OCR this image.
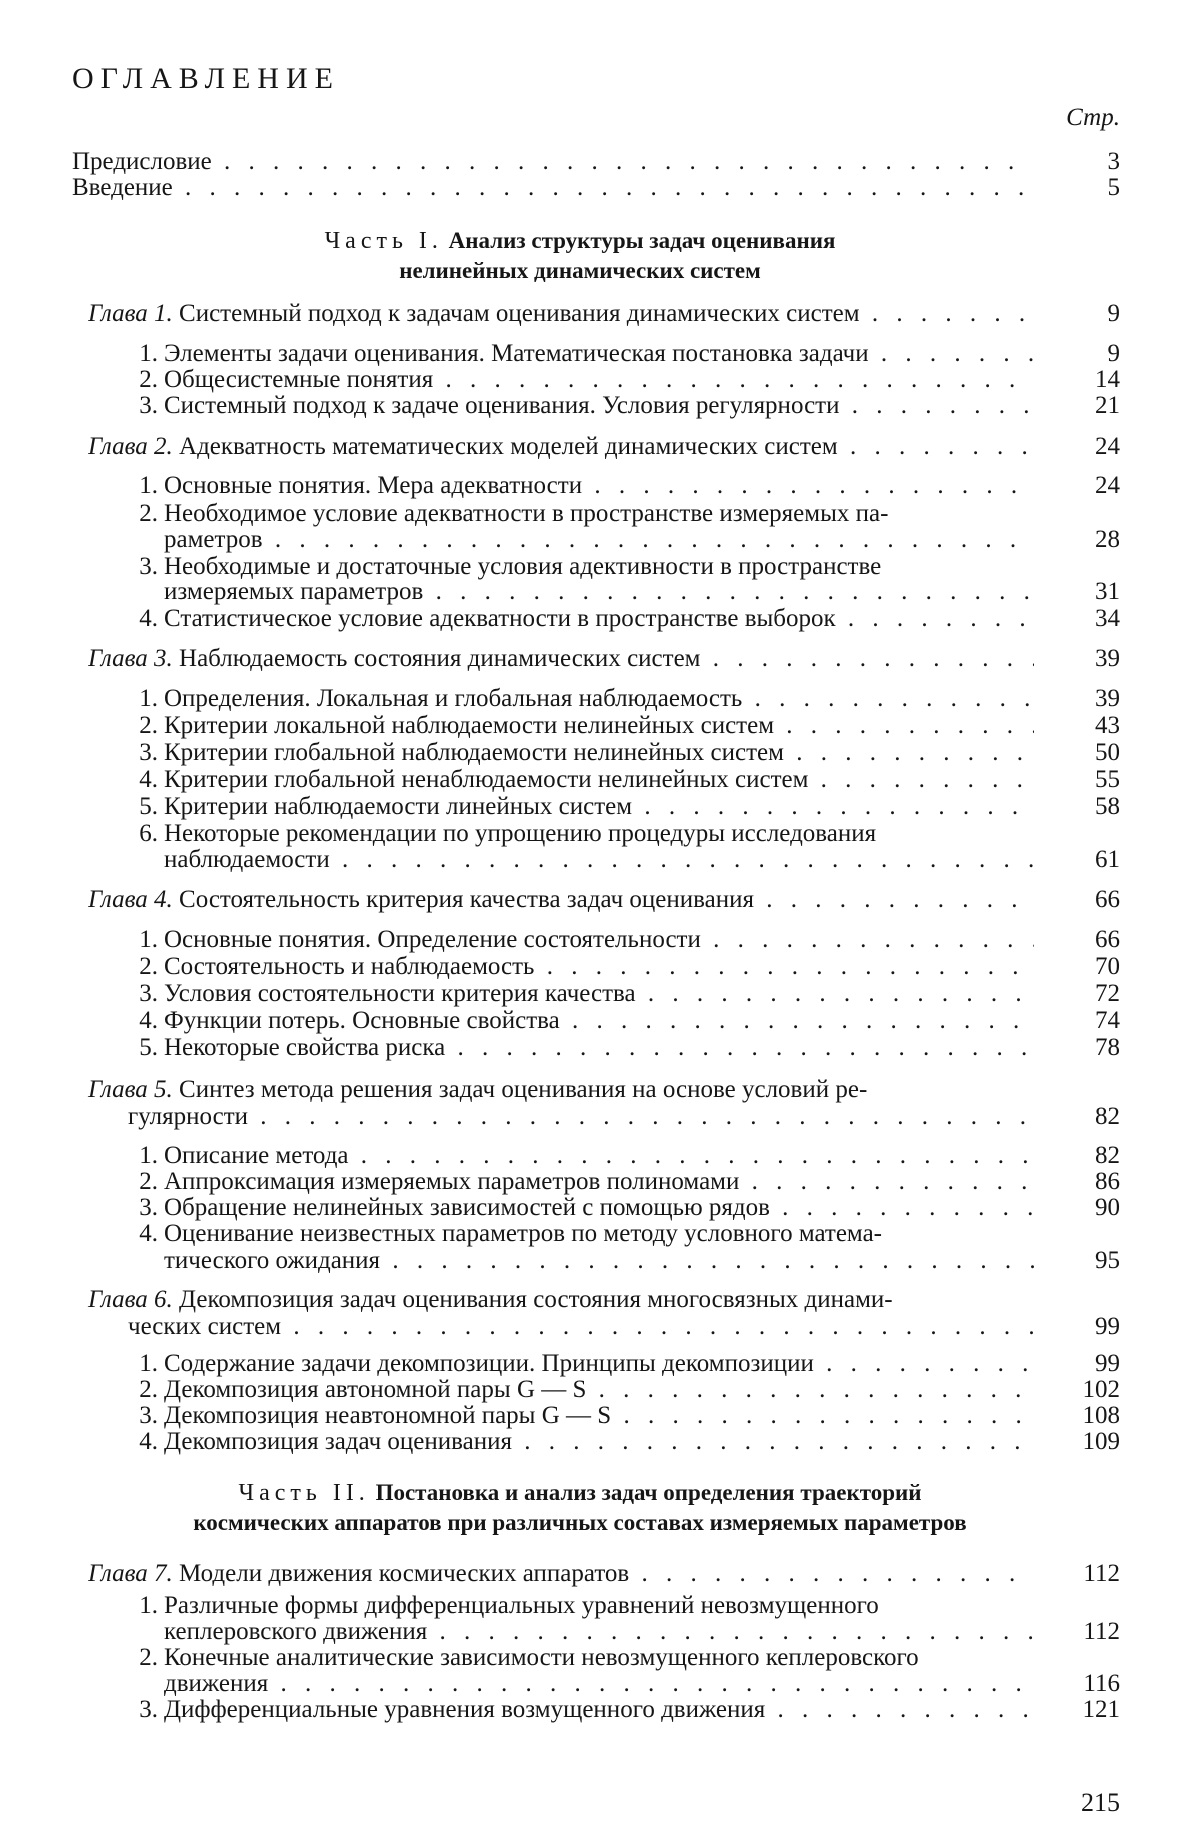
ОГЛАВЛЕНИЕ
Стр.
Предисловие . . .	3
Введение . . .	5
Часть I. Анализ структуры задач оценивания
нелинейных динамических систем
Глава 1. Системный подход к задачам оценивания динамических систем . . .	9
1. Элементы задачи оценивания. Математическая постановка задачи . . .	9
2. Общесистемные понятия . . .	14
3. Системный подход к задаче оценивания. Условия регулярности . . .	21
Глава 2. Адекватность математических моделей динамических систем . . .	24
1. Основные понятия. Мера адекватности . . .	24
2. Необходимое условие адекватности в пространстве измеряемых па-
раметров . . .	28
3. Необходимые и достаточные условия адективности в пространстве
измеряемых параметров . . .	31
4. Статистическое условие адекватности в пространстве выборок . . .	34
Глава 3. Наблюдаемость состояния динамических систем . . .	39
1. Определения. Локальная и глобальная наблюдаемость . . .	39
2. Критерии локальной наблюдаемости нелинейных систем . . .	43
3. Критерии глобальной наблюдаемости нелинейных систем . . .	50
4. Критерии глобальной ненаблюдаемости нелинейных систем . . .	55
5. Критерии наблюдаемости линейных систем . . .	58
6. Некоторые рекомендации по упрощению процедуры исследования
наблюдаемости . . .	61
Глава 4. Состоятельность критерия качества задач оценивания . . .	66
1. Основные понятия. Определение состоятельности . . .	66
2. Состоятельность и наблюдаемость . . .	70
3. Условия состоятельности критерия качества . . .	72
4. Функции потерь. Основные свойства . . .	74
5. Некоторые свойства риска . . .	78
Глава 5. Синтез метода решения задач оценивания на основе условий ре-
гулярности . . .	82
1. Описание метода . . .	82
2. Аппроксимация измеряемых параметров полиномами . . .	86
3. Обращение нелинейных зависимостей с помощью рядов . . .	90
4. Оценивание неизвестных параметров по методу условного матема-
тического ожидания . . .	95
Глава 6. Декомпозиция задач оценивания состояния многосвязных динами-
ческих систем . . .	99
1. Содержание задачи декомпозиции. Принципы декомпозиции . . .	99
2. Декомпозиция автономной пары G — S . . .	102
3. Декомпозиция неавтономной пары G — S . . .	108
4. Декомпозиция задач оценивания . . .	109
Часть II. Постановка и анализ задач определения траекторий
космических аппаратов при различных составах измеряемых параметров
Глава 7. Модели движения космических аппаратов . . .	112
1. Различные формы дифференциальных уравнений невозмущенного
кеплеровского движения . . .	112
2. Конечные аналитические зависимости невозмущенного кеплеровского
движения . . .	116
3. Дифференциальные уравнения возмущенного движения . . .	121
215
